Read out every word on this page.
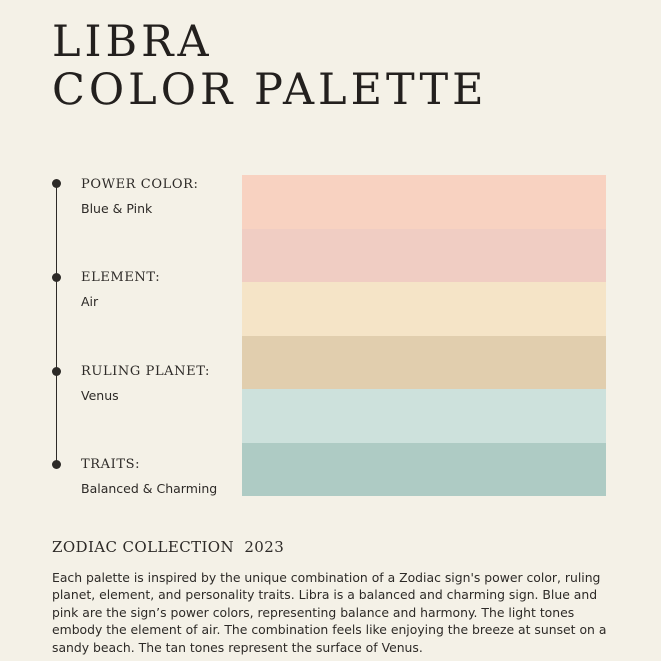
LIBRA
COLOR PALETTE
POWER COLOR:
Blue & Pink
ELEMENT:
Air
RULING PLANET:
Venus
TRAITS:
Balanced & Charming
ZODIAC COLLECTION  2023

Each palette is inspired by the unique combination of a Zodiac sign's power color, ruling planet, element, and personality traits. Libra is a balanced and charming sign. Blue and pink are the sign’s power colors, representing balance and harmony. The light tones embody the element of air. The combination feels like enjoying the breeze at sunset on a sandy beach. The tan tones represent the surface of Venus.
